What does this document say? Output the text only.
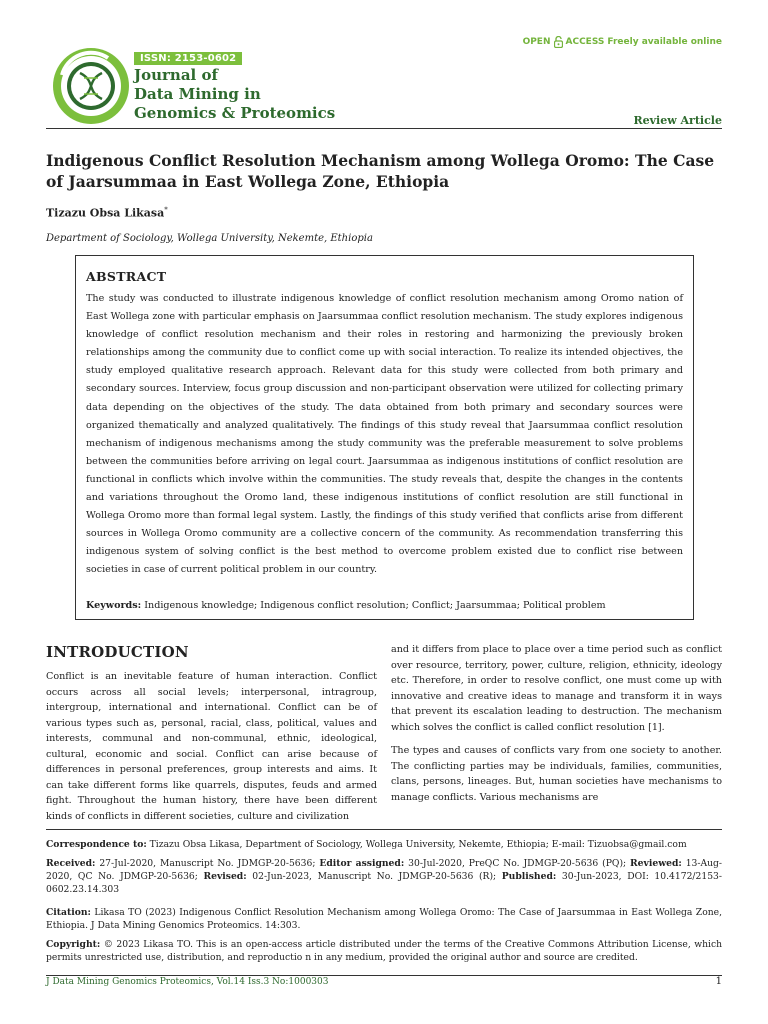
ISSN: 2153-0602
Journal of
Data Mining in
Genomics & Proteomics
OPEN ACCESS Freely available online
Review Article
Indigenous Conflict Resolution Mechanism among Wollega Oromo: The Case of Jaarsummaa in East Wollega Zone, Ethiopia
Tizazu Obsa Likasa*
Department of Sociology, Wollega University, Nekemte, Ethiopia
ABSTRACT
The study was conducted to illustrate indigenous knowledge of conflict resolution mechanism among Oromo nation of East Wollega zone with particular emphasis on Jaarsummaa conflict resolution mechanism. The study explores indigenous knowledge of conflict resolution mechanism and their roles in restoring and harmonizing the previously broken relationships among the community due to conflict come up with social interaction. To realize its intended objectives, the study employed qualitative research approach. Relevant data for this study were collected from both primary and secondary sources. Interview, focus group discussion and non-participant observation were utilized for collecting primary data depending on the objectives of the study. The data obtained from both primary and secondary sources were organized thematically and analyzed qualitatively. The findings of this study reveal that Jaarsummaa conflict resolution mechanism of indigenous mechanisms among the study community was the preferable measurement to solve problems between the communities before arriving on legal court. Jaarsummaa as indigenous institutions of conflict resolution are functional in conflicts which involve within the communities. The study reveals that, despite the changes in the contents and variations throughout the Oromo land, these indigenous institutions of conflict resolution are still functional in Wollega Oromo more than formal legal system. Lastly, the findings of this study verified that conflicts arise from different sources in Wollega Oromo community are a collective concern of the community. As recommendation transferring this indigenous system of solving conflict is the best method to overcome problem existed due to conflict rise between societies in case of current political problem in our country.
Keywords: Indigenous knowledge; Indigenous conflict resolution; Conflict; Jaarsummaa; Political problem
INTRODUCTION

Conflict is an inevitable feature of human interaction. Conflict occurs across all social levels; interpersonal, intragroup, intergroup, international and international. Conflict can be of various types such as, personal, racial, class, political, values and interests, communal and non-communal, ethnic, ideological, cultural, economic and social. Conflict can arise because of differences in personal preferences, group interests and aims. It can take different forms like quarrels, disputes, feuds and armed fight. Throughout the human history, there have been different kinds of conflicts in different societies, culture and civilization

and it differs from place to place over a time period such as conflict over resource, territory, power, culture, religion, ethnicity, ideology etc. Therefore, in order to resolve conflict, one must come up with innovative and creative ideas to manage and transform it in ways that prevent its escalation leading to destruction. The mechanism which solves the conflict is called conflict resolution [1].

The types and causes of conflicts vary from one society to another. The conflicting parties may be individuals, families, communities, clans, persons, lineages. But, human societies have mechanisms to manage conflicts. Various mechanisms are

Correspondence to: Tizazu Obsa Likasa, Department of Sociology, Wollega University, Nekemte, Ethiopia; E-mail: Tizuobsa@gmail.com
Received: 27-Jul-2020, Manuscript No. JDMGP-20-5636; Editor assigned: 30-Jul-2020, PreQC No. JDMGP-20-5636 (PQ); Reviewed: 13-Aug-2020, QC No. JDMGP-20-5636; Revised: 02-Jun-2023, Manuscript No. JDMGP-20-5636 (R); Published: 30-Jun-2023, DOI: 10.4172/2153-0602.23.14.303
Citation: Likasa TO (2023) Indigenous Conflict Resolution Mechanism among Wollega Oromo: The Case of Jaarsummaa in East Wollega Zone, Ethiopia. J Data Mining Genomics Proteomics. 14:303.
Copyright: © 2023 Likasa TO. This is an open-access article distributed under the terms of the Creative Commons Attribution License, which permits unrestricted use, distribution, and reproductio n in any medium, provided the original author and source are credited.
J Data Mining Genomics Proteomics, Vol.14 Iss.3 No:1000303	1
